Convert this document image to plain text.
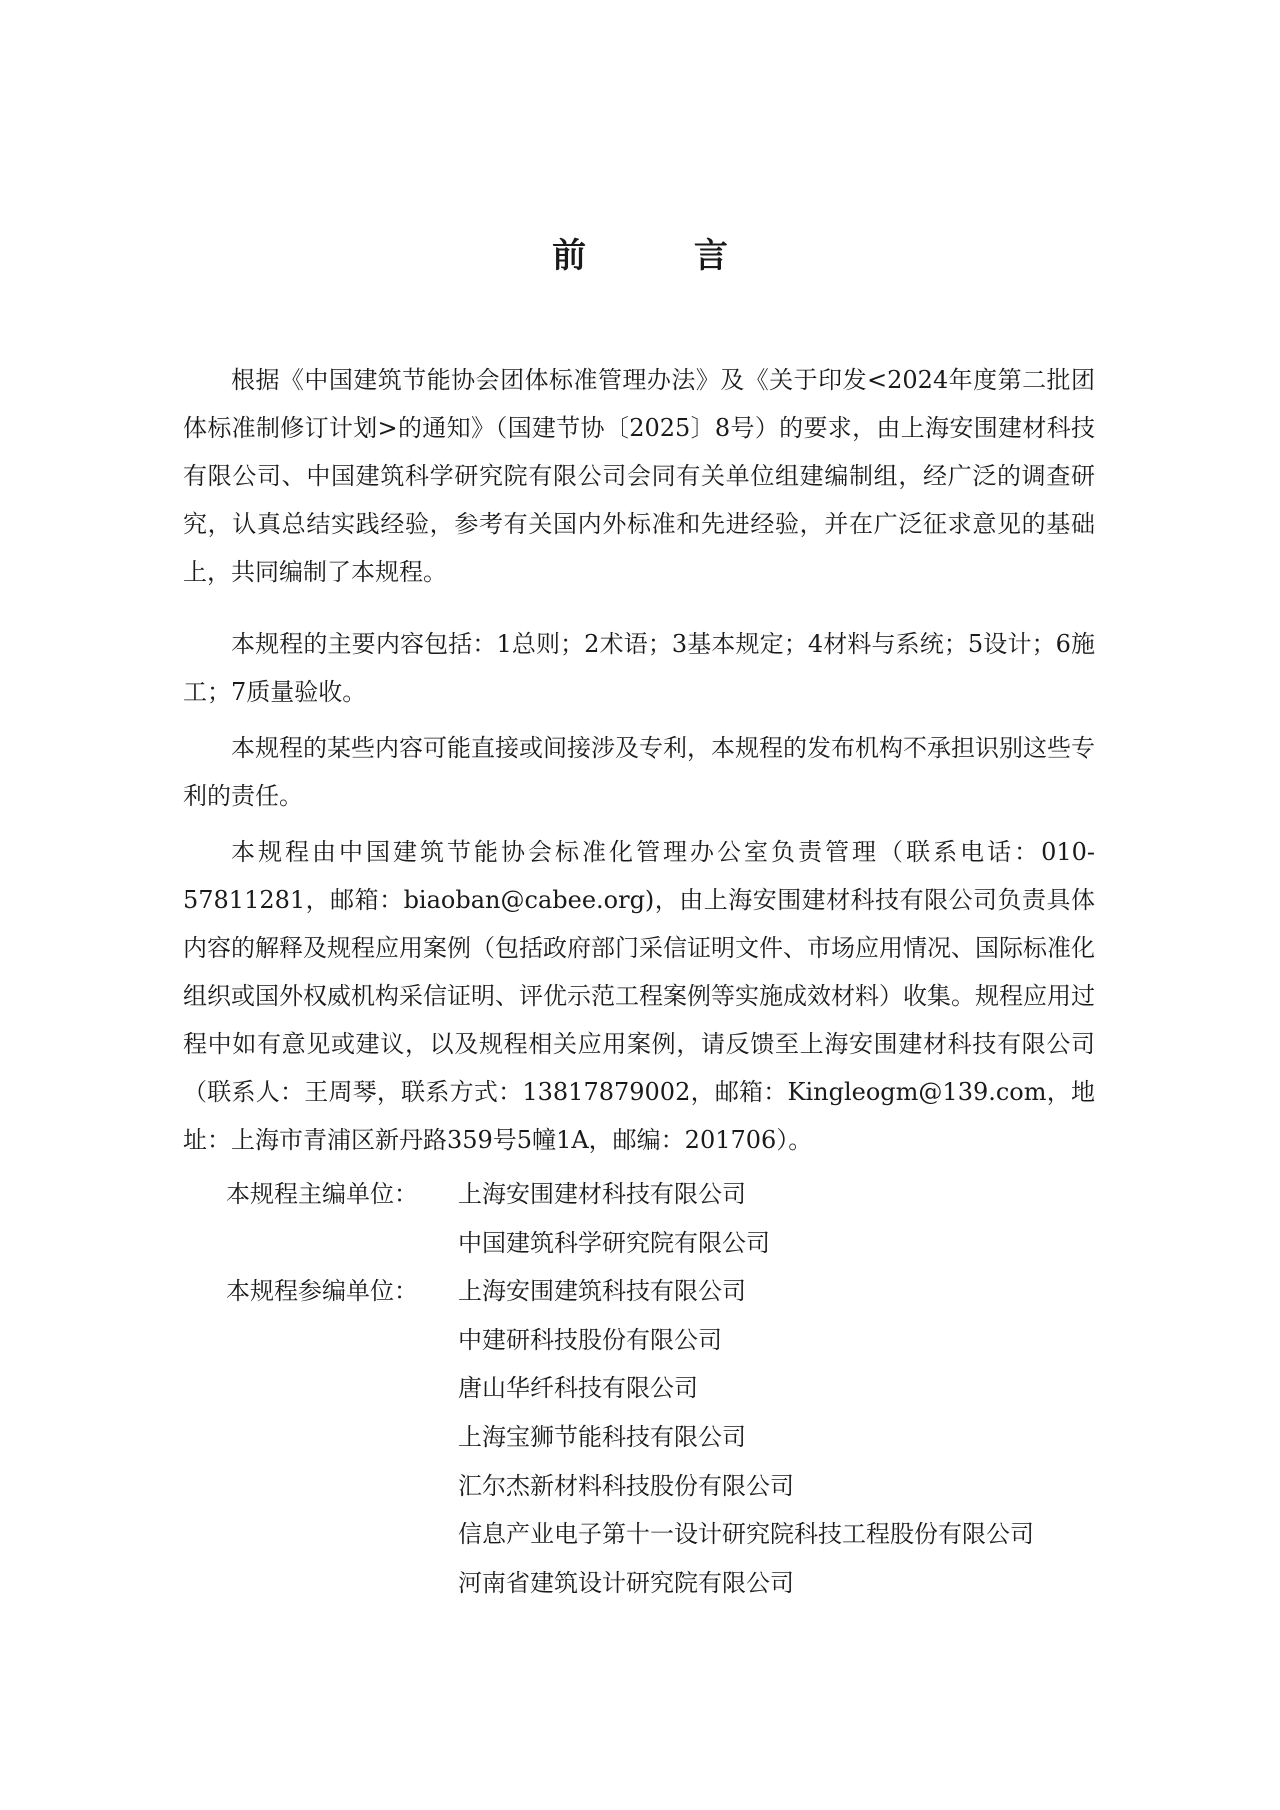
前 言

根据《中国建筑节能协会团体标准管理办法》及《关于印发<2024年度第二批团体标准制修订计划>的通知》（国建节协〔2025〕8号）的要求，由上海安围建材科技有限公司、中国建筑科学研究院有限公司会同有关单位组建编制组，经广泛的调查研究，认真总结实践经验，参考有关国内外标准和先进经验，并在广泛征求意见的基础上，共同编制了本规程。

本规程的主要内容包括：1总则；2术语；3基本规定；4材料与系统；5设计；6施工；7质量验收。

本规程的某些内容可能直接或间接涉及专利，本规程的发布机构不承担识别这些专利的责任。

本规程由中国建筑节能协会标准化管理办公室负责管理（联系电话：010-57811281，邮箱：biaoban@cabee.org)，由上海安围建材科技有限公司负责具体内容的解释及规程应用案例（包括政府部门采信证明文件、市场应用情况、国际标准化组织或国外权威机构采信证明、评优示范工程案例等实施成效材料）收集。规程应用过程中如有意见或建议，以及规程相关应用案例，请反馈至上海安围建材科技有限公司（联系人：王周琴，联系方式：13817879002，邮箱：Kingleogm@139.com，地址：上海市青浦区新丹路359号5幢1A，邮编：201706）。

本规程主编单位：	上海安围建材科技有限公司
中国建筑科学研究院有限公司
本规程参编单位：	上海安围建筑科技有限公司
中建研科技股份有限公司
唐山华纤科技有限公司
上海宝狮节能科技有限公司
汇尔杰新材料科技股份有限公司
信息产业电子第十一设计研究院科技工程股份有限公司
河南省建筑设计研究院有限公司
